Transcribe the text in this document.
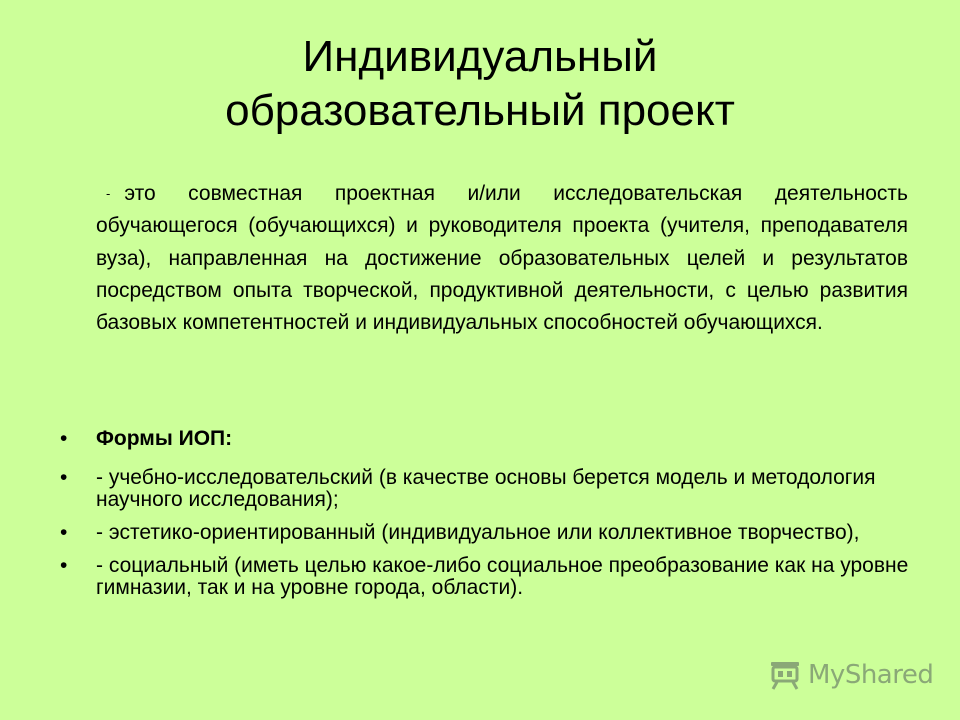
Индивидуальный
образовательный проект

- это совместная проектная и/или исследовательская деятельность обучающегося (обучающихся) и руководителя проекта (учителя, преподавателя вуза), направленная на достижение образовательных целей и результатов посредством опыта творческой, продуктивной деятельности, с целью развития базовых компетентностей и индивидуальных способностей обучающихся.

• Формы ИОП:
• - учебно-исследовательский (в качестве основы берется модель и методология научного исследования);
• - эстетико-ориентированный (индивидуальное или коллективное творчество),
• - социальный (иметь целью какое-либо социальное преобразование как на уровне гимназии, так и на уровне города, области).
MyShared
